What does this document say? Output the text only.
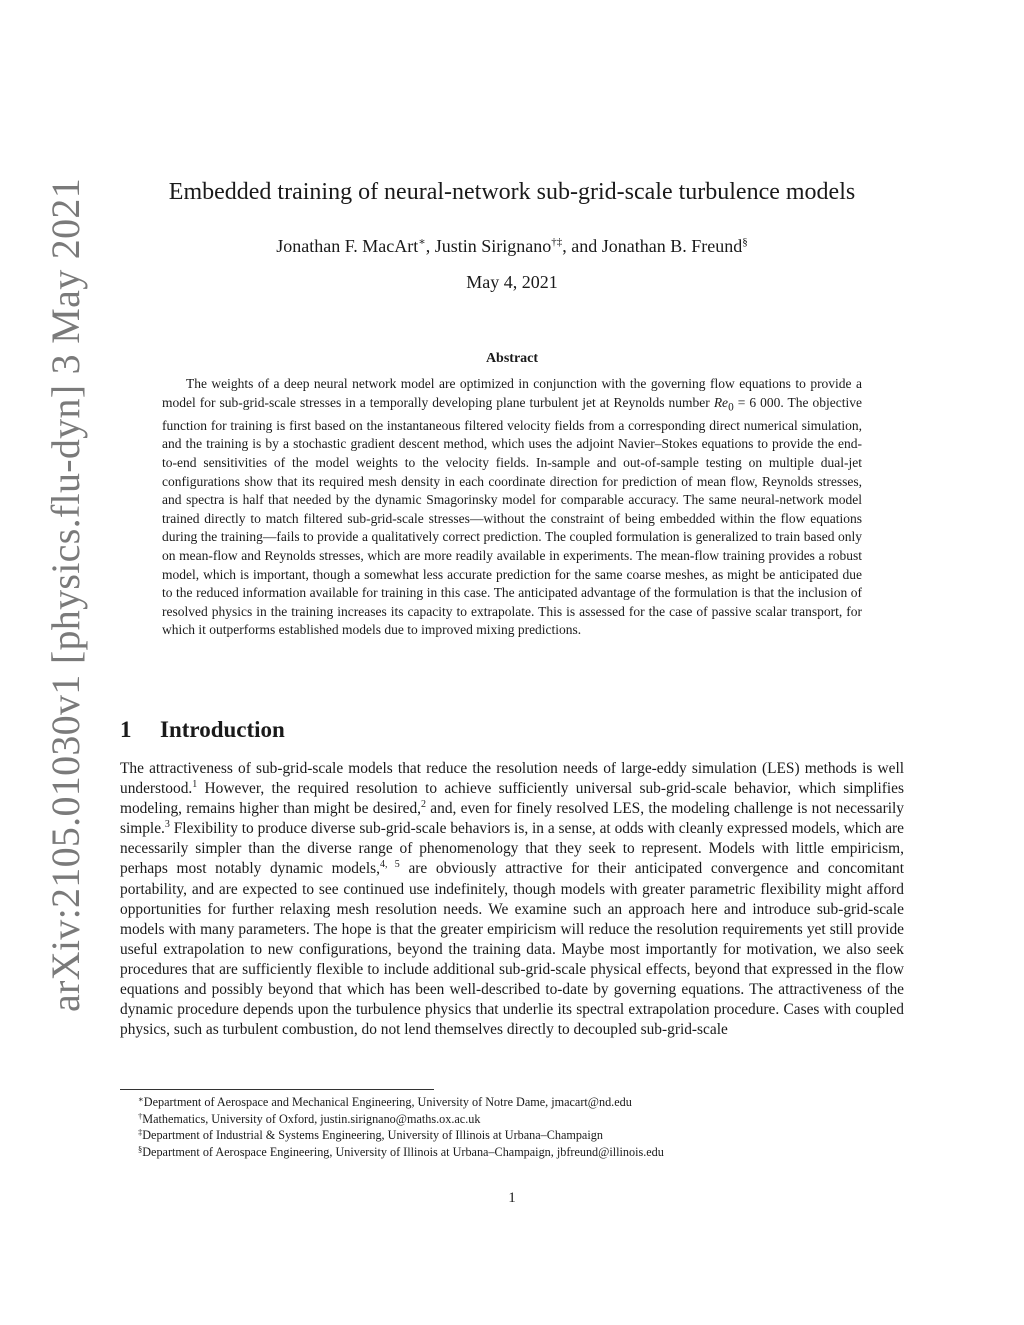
arXiv:2105.01030v1 [physics.flu-dyn] 3 May 2021	Embedded training of neural-network sub-grid-scale turbulence models
Jonathan F. MacArt∗, Justin Sirignano†‡, and Jonathan B. Freund§
May 4, 2021
Abstract

The weights of a deep neural network model are optimized in conjunction with the governing flow equations to provide a model for sub-grid-scale stresses in a temporally developing plane turbulent jet at Reynolds number $Re_0 = 6$ 000. The objective function for training is first based on the instantaneous filtered velocity fields from a corresponding direct numerical simulation, and the training is by a stochastic gradient descent method, which uses the adjoint Navier–Stokes equations to provide the end-to-end sensitivities of the model weights to the velocity fields. In-sample and out-of-sample testing on multiple dual-jet configurations show that its required mesh density in each coordinate direction for prediction of mean flow, Reynolds stresses, and spectra is half that needed by the dynamic Smagorinsky model for comparable accuracy. The same neural-network model trained directly to match filtered sub-grid-scale stresses—without the constraint of being embedded within the flow equations during the training—fails to provide a qualitatively correct prediction. The coupled formulation is generalized to train based only on mean-flow and Reynolds stresses, which are more readily available in experiments. The mean-flow training provides a robust model, which is important, though a somewhat less accurate prediction for the same coarse meshes, as might be anticipated due to the reduced information available for training in this case. The anticipated advantage of the formulation is that the inclusion of resolved physics in the training increases its capacity to extrapolate. This is assessed for the case of passive scalar transport, for which it outperforms established models due to improved mixing predictions.

1 Introduction

The attractiveness of sub-grid-scale models that reduce the resolution needs of large-eddy simulation (LES) methods is well understood.$^1$ However, the required resolution to achieve sufficiently universal sub-grid-scale behavior, which simplifies modeling, remains higher than might be desired,$^2$ and, even for finely resolved LES, the modeling challenge is not necessarily simple.$^3$ Flexibility to produce diverse sub-grid-scale behaviors is, in a sense, at odds with cleanly expressed models, which are necessarily simpler than the diverse range of phenomenology that they seek to represent. Models with little empiricism, perhaps most notably dynamic models,$^{4, 5}$ are obviously attractive for their anticipated convergence and concomitant portability, and are expected to see continued use indefinitely, though models with greater parametric flexibility might afford opportunities for further relaxing mesh resolution needs. We examine such an approach here and introduce sub-grid-scale models with many parameters. The hope is that the greater empiricism will reduce the resolution requirements yet still provide useful extrapolation to new configurations, beyond the training data. Maybe most importantly for motivation, we also seek procedures that are sufficiently flexible to include additional sub-grid-scale physical effects, beyond that expressed in the flow equations and possibly beyond that which has been well-described to-date by governing equations. The attractiveness of the dynamic procedure depends upon the turbulence physics that underlie its spectral extrapolation procedure. Cases with coupled physics, such as turbulent combustion, do not lend themselves directly to decoupled sub-grid-scale

∗Department of Aerospace and Mechanical Engineering, University of Notre Dame, jmacart@nd.edu

†Mathematics, University of Oxford, justin.sirignano@maths.ox.ac.uk

‡Department of Industrial & Systems Engineering, University of Illinois at Urbana–Champaign

§Department of Aerospace Engineering, University of Illinois at Urbana–Champaign, jbfreund@illinois.edu

1
